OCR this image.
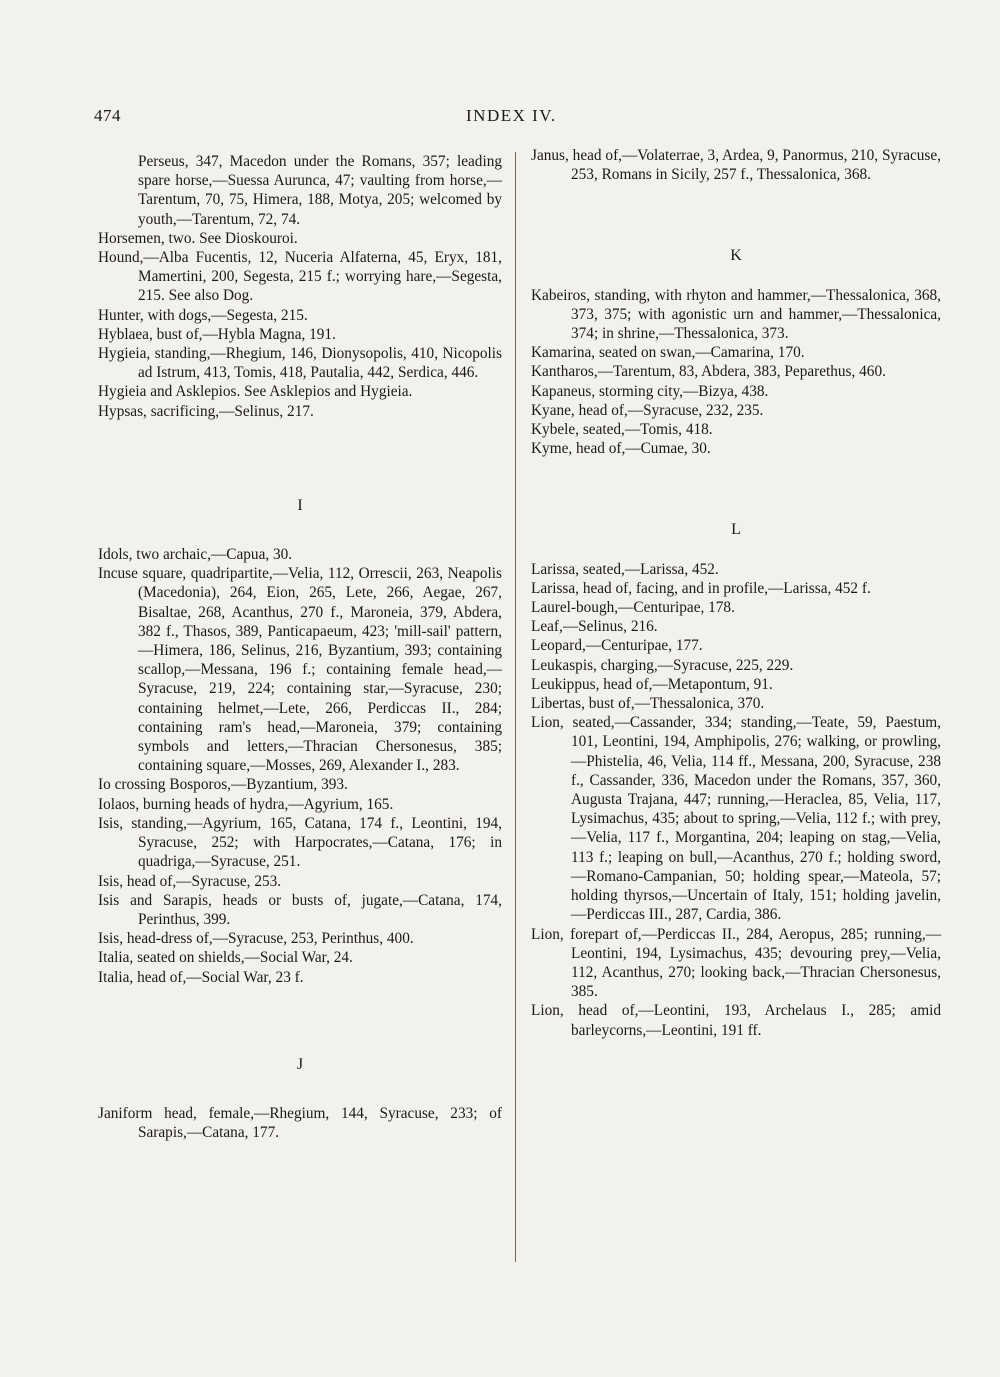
474	INDEX IV.
Perseus, 347, Macedon under the Romans, 357; leading spare horse,—Suessa Aurunca, 47; vaulting from horse,—Tarentum, 70, 75, Himera, 188, Motya, 205; welcomed by youth,—Tarentum, 72, 74.
Horsemen, two. See Dioskouroi.
Hound,—Alba Fucentis, 12, Nuceria Alfaterna, 45, Eryx, 181, Mamertini, 200, Segesta, 215 f.; worrying hare,—Segesta, 215. See also Dog.
Hunter, with dogs,—Segesta, 215.
Hyblaea, bust of,—Hybla Magna, 191.
Hygieia, standing,—Rhegium, 146, Dionysopolis, 410, Nicopolis ad Istrum, 413, Tomis, 418, Pautalia, 442, Serdica, 446.
Hygieia and Asklepios. See Asklepios and Hygieia.
Hypsas, sacrificing,—Selinus, 217.
I
Idols, two archaic,—Capua, 30.
Incuse square, quadripartite,—Velia, 112, Orrescii, 263, Neapolis (Macedonia), 264, Eion, 265, Lete, 266, Aegae, 267, Bisaltae, 268, Acanthus, 270 f., Maroneia, 379, Abdera, 382 f., Thasos, 389, Panticapaeum, 423; 'mill-sail' pattern,—Himera, 186, Selinus, 216, Byzantium, 393; containing scallop,—Messana, 196 f.; containing female head,—Syracuse, 219, 224; containing star,—Syracuse, 230; containing helmet,—Lete, 266, Perdiccas II., 284; containing ram's head,—Maroneia, 379; containing symbols and letters,—Thracian Chersonesus, 385; containing square,—Mosses, 269, Alexander I., 283.
Io crossing Bosporos,—Byzantium, 393.
Iolaos, burning heads of hydra,—Agyrium, 165.
Isis, standing,—Agyrium, 165, Catana, 174 f., Leontini, 194, Syracuse, 252; with Harpocrates,—Catana, 176; in quadriga,—Syracuse, 251.
Isis, head of,—Syracuse, 253.
Isis and Sarapis, heads or busts of, jugate,—Catana, 174, Perinthus, 399.
Isis, head-dress of,—Syracuse, 253, Perinthus, 400.
Italia, seated on shields,—Social War, 24.
Italia, head of,—Social War, 23 f.
J
Janiform head, female,—Rhegium, 144, Syracuse, 233; of Sarapis,—Catana, 177.
Janus, head of,—Volaterrae, 3, Ardea, 9, Panormus, 210, Syracuse, 253, Romans in Sicily, 257 f., Thessalonica, 368.
K
Kabeiros, standing, with rhyton and hammer,—Thessalonica, 368, 373, 375; with agonistic urn and hammer,—Thessalonica, 374; in shrine,—Thessalonica, 373.
Kamarina, seated on swan,—Camarina, 170.
Kantharos,—Tarentum, 83, Abdera, 383, Peparethus, 460.
Kapaneus, storming city,—Bizya, 438.
Kyane, head of,—Syracuse, 232, 235.
Kybele, seated,—Tomis, 418.
Kyme, head of,—Cumae, 30.
L
Larissa, seated,—Larissa, 452.
Larissa, head of, facing, and in profile,—Larissa, 452 f.
Laurel-bough,—Centuripae, 178.
Leaf,—Selinus, 216.
Leopard,—Centuripae, 177.
Leukaspis, charging,—Syracuse, 225, 229.
Leukippus, head of,—Metapontum, 91.
Libertas, bust of,—Thessalonica, 370.
Lion, seated,—Cassander, 334; standing,—Teate, 59, Paestum, 101, Leontini, 194, Amphipolis, 276; walking, or prowling,—Phistelia, 46, Velia, 114 ff., Messana, 200, Syracuse, 238 f., Cassander, 336, Macedon under the Romans, 357, 360, Augusta Trajana, 447; running,—Heraclea, 85, Velia, 117, Lysimachus, 435; about to spring,—Velia, 112 f.; with prey,—Velia, 117 f., Morgantina, 204; leaping on stag,—Velia, 113 f.; leaping on bull,—Acanthus, 270 f.; holding sword,—Romano-Campanian, 50; holding spear,—Mateola, 57; holding thyrsos,—Uncertain of Italy, 151; holding javelin,—Perdiccas III., 287, Cardia, 386.
Lion, forepart of,—Perdiccas II., 284, Aeropus, 285; running,—Leontini, 194, Lysimachus, 435; devouring prey,—Velia, 112, Acanthus, 270; looking back,—Thracian Chersonesus, 385.
Lion, head of,—Leontini, 193, Archelaus I., 285; amid barleycorns,—Leontini, 191 ff.
